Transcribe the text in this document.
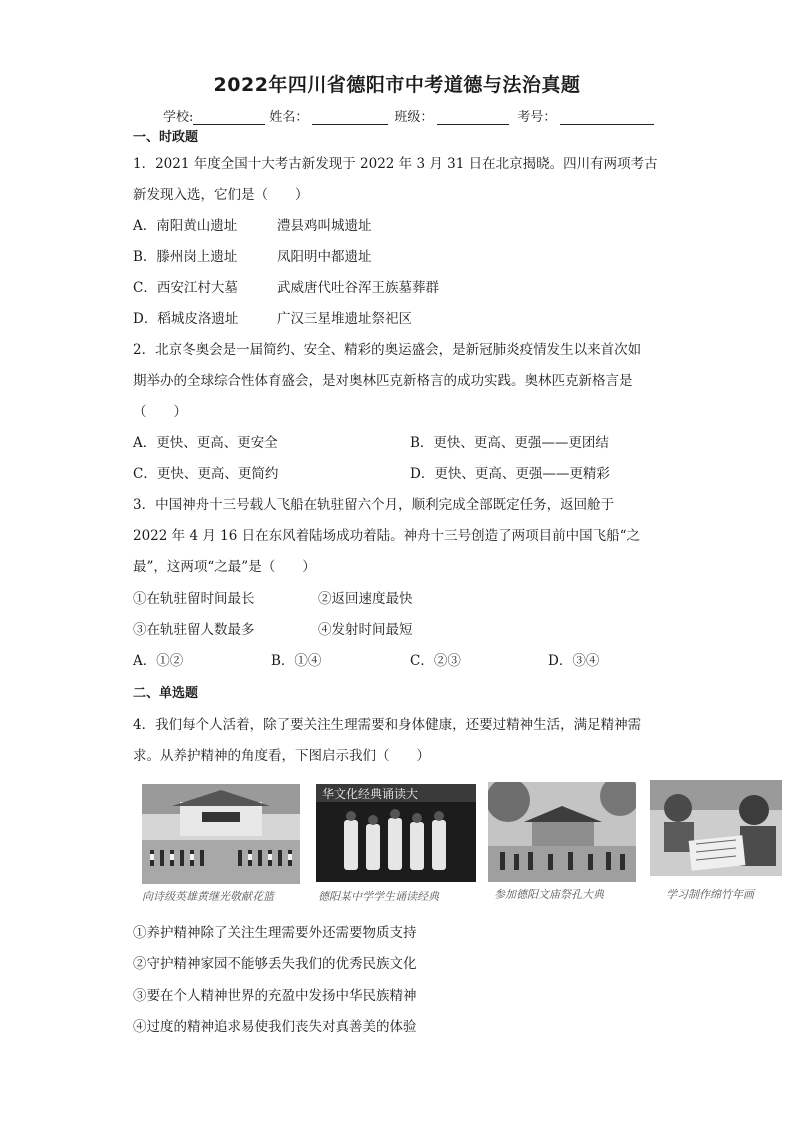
2022年四川省德阳市中考道德与法治真题
学校:	姓名：	班级：	考号：
一、时政题
1．2021 年度全国十大考古新发现于 2022 年 3 月 31 日在北京揭晓。四川有两项考古
新发现入选，它们是（　　）
A．南阳黄山遗址	澧县鸡叫城遗址
B．滕州岗上遗址	凤阳明中都遗址
C．西安江村大墓	武威唐代吐谷浑王族墓葬群
D．稻城皮洛遗址	广汉三星堆遗址祭祀区
2．北京冬奥会是一届简约、安全、精彩的奥运盛会，是新冠肺炎疫情发生以来首次如
期举办的全球综合性体育盛会，是对奥林匹克新格言的成功实践。奥林匹克新格言是
（　　）
A．更快、更高、更安全	B．更快、更高、更强——更团结
C．更快、更高、更简约	D．更快、更高、更强——更精彩
3．中国神舟十三号载人飞船在轨驻留六个月，顺利完成全部既定任务，返回舱于
2022 年 4 月 16 日在东风着陆场成功着陆。神舟十三号创造了两项目前中国飞船“之
最”，这两项“之最”是（　　）
①在轨驻留时间最长	②返回速度最快
③在轨驻留人数最多	④发射时间最短
A．①②	B．①④	C．②③	D．③④
二、单选题
4．我们每个人活着，除了要关注生理需要和身体健康，还要过精神生活，满足精神需
求。从养护精神的角度看，下图启示我们（　　）
向诗级英雄黄继光敬献花篮
华文化经典诵读大
德阳某中学学生诵读经典	参加德阳文庙祭孔大典	学习制作绵竹年画
①养护精神除了关注生理需要外还需要物质支持
②守护精神家园不能够丢失我们的优秀民族文化
③要在个人精神世界的充盈中发扬中华民族精神
④过度的精神追求易使我们丧失对真善美的体验
